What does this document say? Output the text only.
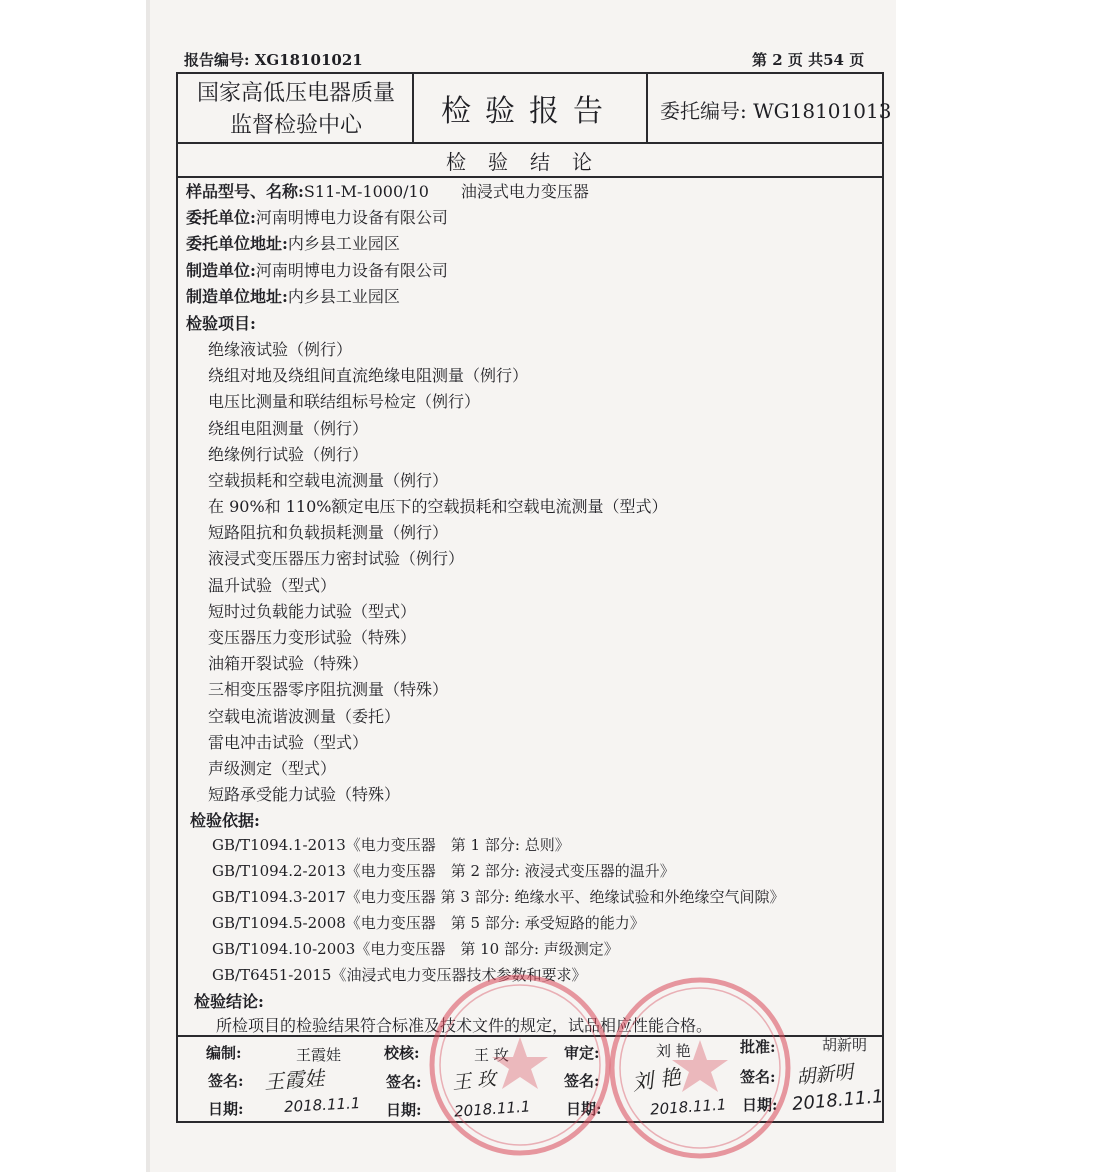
报告编号: XG18101021	第 2 页 共54 页
国家高低压电器质量
监督检验中心	检验报告	委托编号: WG18101013
检验结论
样品型号、名称:S11-M-1000/10　　油浸式电力变压器
委托单位:河南明博电力设备有限公司
委托单位地址:内乡县工业园区
制造单位:河南明博电力设备有限公司
制造单位地址:内乡县工业园区
检验项目:
绝缘液试验（例行）
绕组对地及绕组间直流绝缘电阻测量（例行）
电压比测量和联结组标号检定（例行）
绕组电阻测量（例行）
绝缘例行试验（例行）
空载损耗和空载电流测量（例行）
在 90%和 110%额定电压下的空载损耗和空载电流测量（型式）
短路阻抗和负载损耗测量（例行）
液浸式变压器压力密封试验（例行）
温升试验（型式）
短时过负载能力试验（型式）
变压器压力变形试验（特殊）
油箱开裂试验（特殊）
三相变压器零序阻抗测量（特殊）
空载电流谐波测量（委托）
雷电冲击试验（型式）
声级测定（型式）
短路承受能力试验（特殊）
检验依据:
GB/T1094.1-2013《电力变压器　第 1 部分: 总则》
GB/T1094.2-2013《电力变压器　第 2 部分: 液浸式变压器的温升》
GB/T1094.3-2017《电力变压器 第 3 部分: 绝缘水平、绝缘试验和外绝缘空气间隙》
GB/T1094.5-2008《电力变压器　第 5 部分: 承受短路的能力》
GB/T1094.10-2003《电力变压器　第 10 部分: 声级测定》
GB/T6451-2015《油浸式电力变压器技术参数和要求》
检验结论:
所检项目的检验结果符合标准及技术文件的规定，试品相应性能合格。
编制:	王霞娃	校核:	王 玫	审定:	刘 艳	批准:	胡新明
签名: 王霞娃	签名: 王 玫	签名: 刘 艳	签名: 胡新明
日期:	2018.11.1 日期: 2018.11.1 日期:	2018.11.1 日期: 2018.11.1
